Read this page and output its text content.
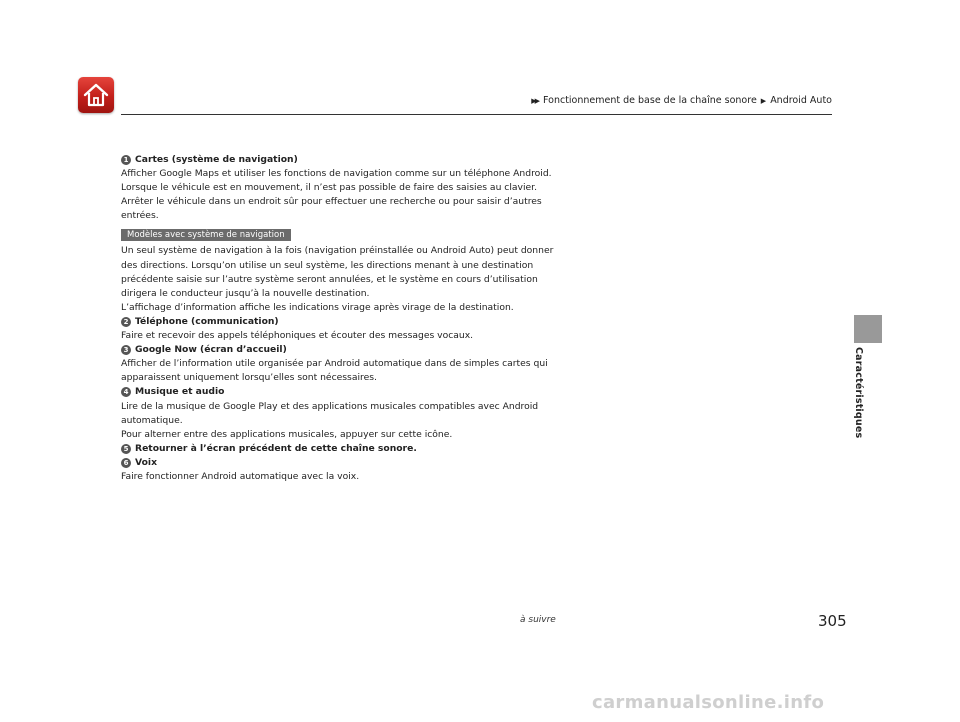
▶▶ Fonctionnement de base de la chaîne sonore ▶ Android Auto
Caractéristiques
1 Cartes (système de navigation)

Afficher Google Maps et utiliser les fonctions de navigation comme sur un téléphone Android.

Lorsque le véhicule est en mouvement, il n’est pas possible de faire des saisies au clavier.

Arrêter le véhicule dans un endroit sûr pour effectuer une recherche ou pour saisir d’autres

entrées.

Modèles avec système de navigation

Un seul système de navigation à la fois (navigation préinstallée ou Android Auto) peut donner

des directions. Lorsqu’on utilise un seul système, les directions menant à une destination

précédente saisie sur l’autre système seront annulées, et le système en cours d’utilisation

dirigera le conducteur jusqu’à la nouvelle destination.

L’affichage d’information affiche les indications virage après virage de la destination.

2 Téléphone (communication)

Faire et recevoir des appels téléphoniques et écouter des messages vocaux.

3 Google Now (écran d’accueil)

Afficher de l’information utile organisée par Android automatique dans de simples cartes qui

apparaissent uniquement lorsqu’elles sont nécessaires.

4 Musique et audio

Lire de la musique de Google Play et des applications musicales compatibles avec Android

automatique.

Pour alterner entre des applications musicales, appuyer sur cette icône.

5 Retourner à l’écran précédent de cette chaîne sonore.
6 Voix

Faire fonctionner Android automatique avec la voix.

à suivre	305
carmanualsonline.info
